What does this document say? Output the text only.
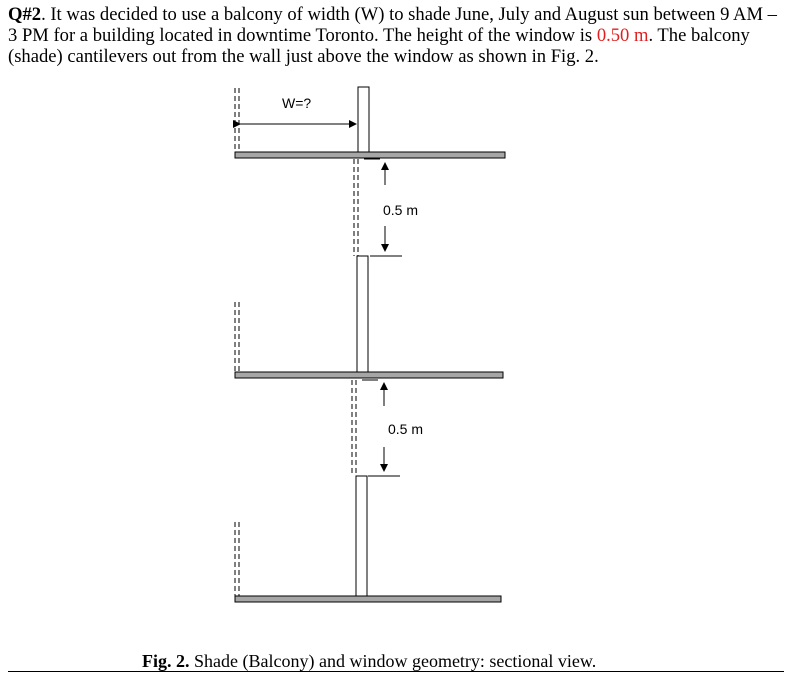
Q#2. It was decided to use a balcony of width (W) to shade June, July and August sun between 9 AM – 3 PM for a building located in downtime Toronto. The height of the window is 0.50 m. The balcony (shade) cantilevers out from the wall just above the window as shown in Fig. 2.
W=?
0.5 m
0.5 m
Fig. 2. Shade (Balcony) and window geometry: sectional view.
